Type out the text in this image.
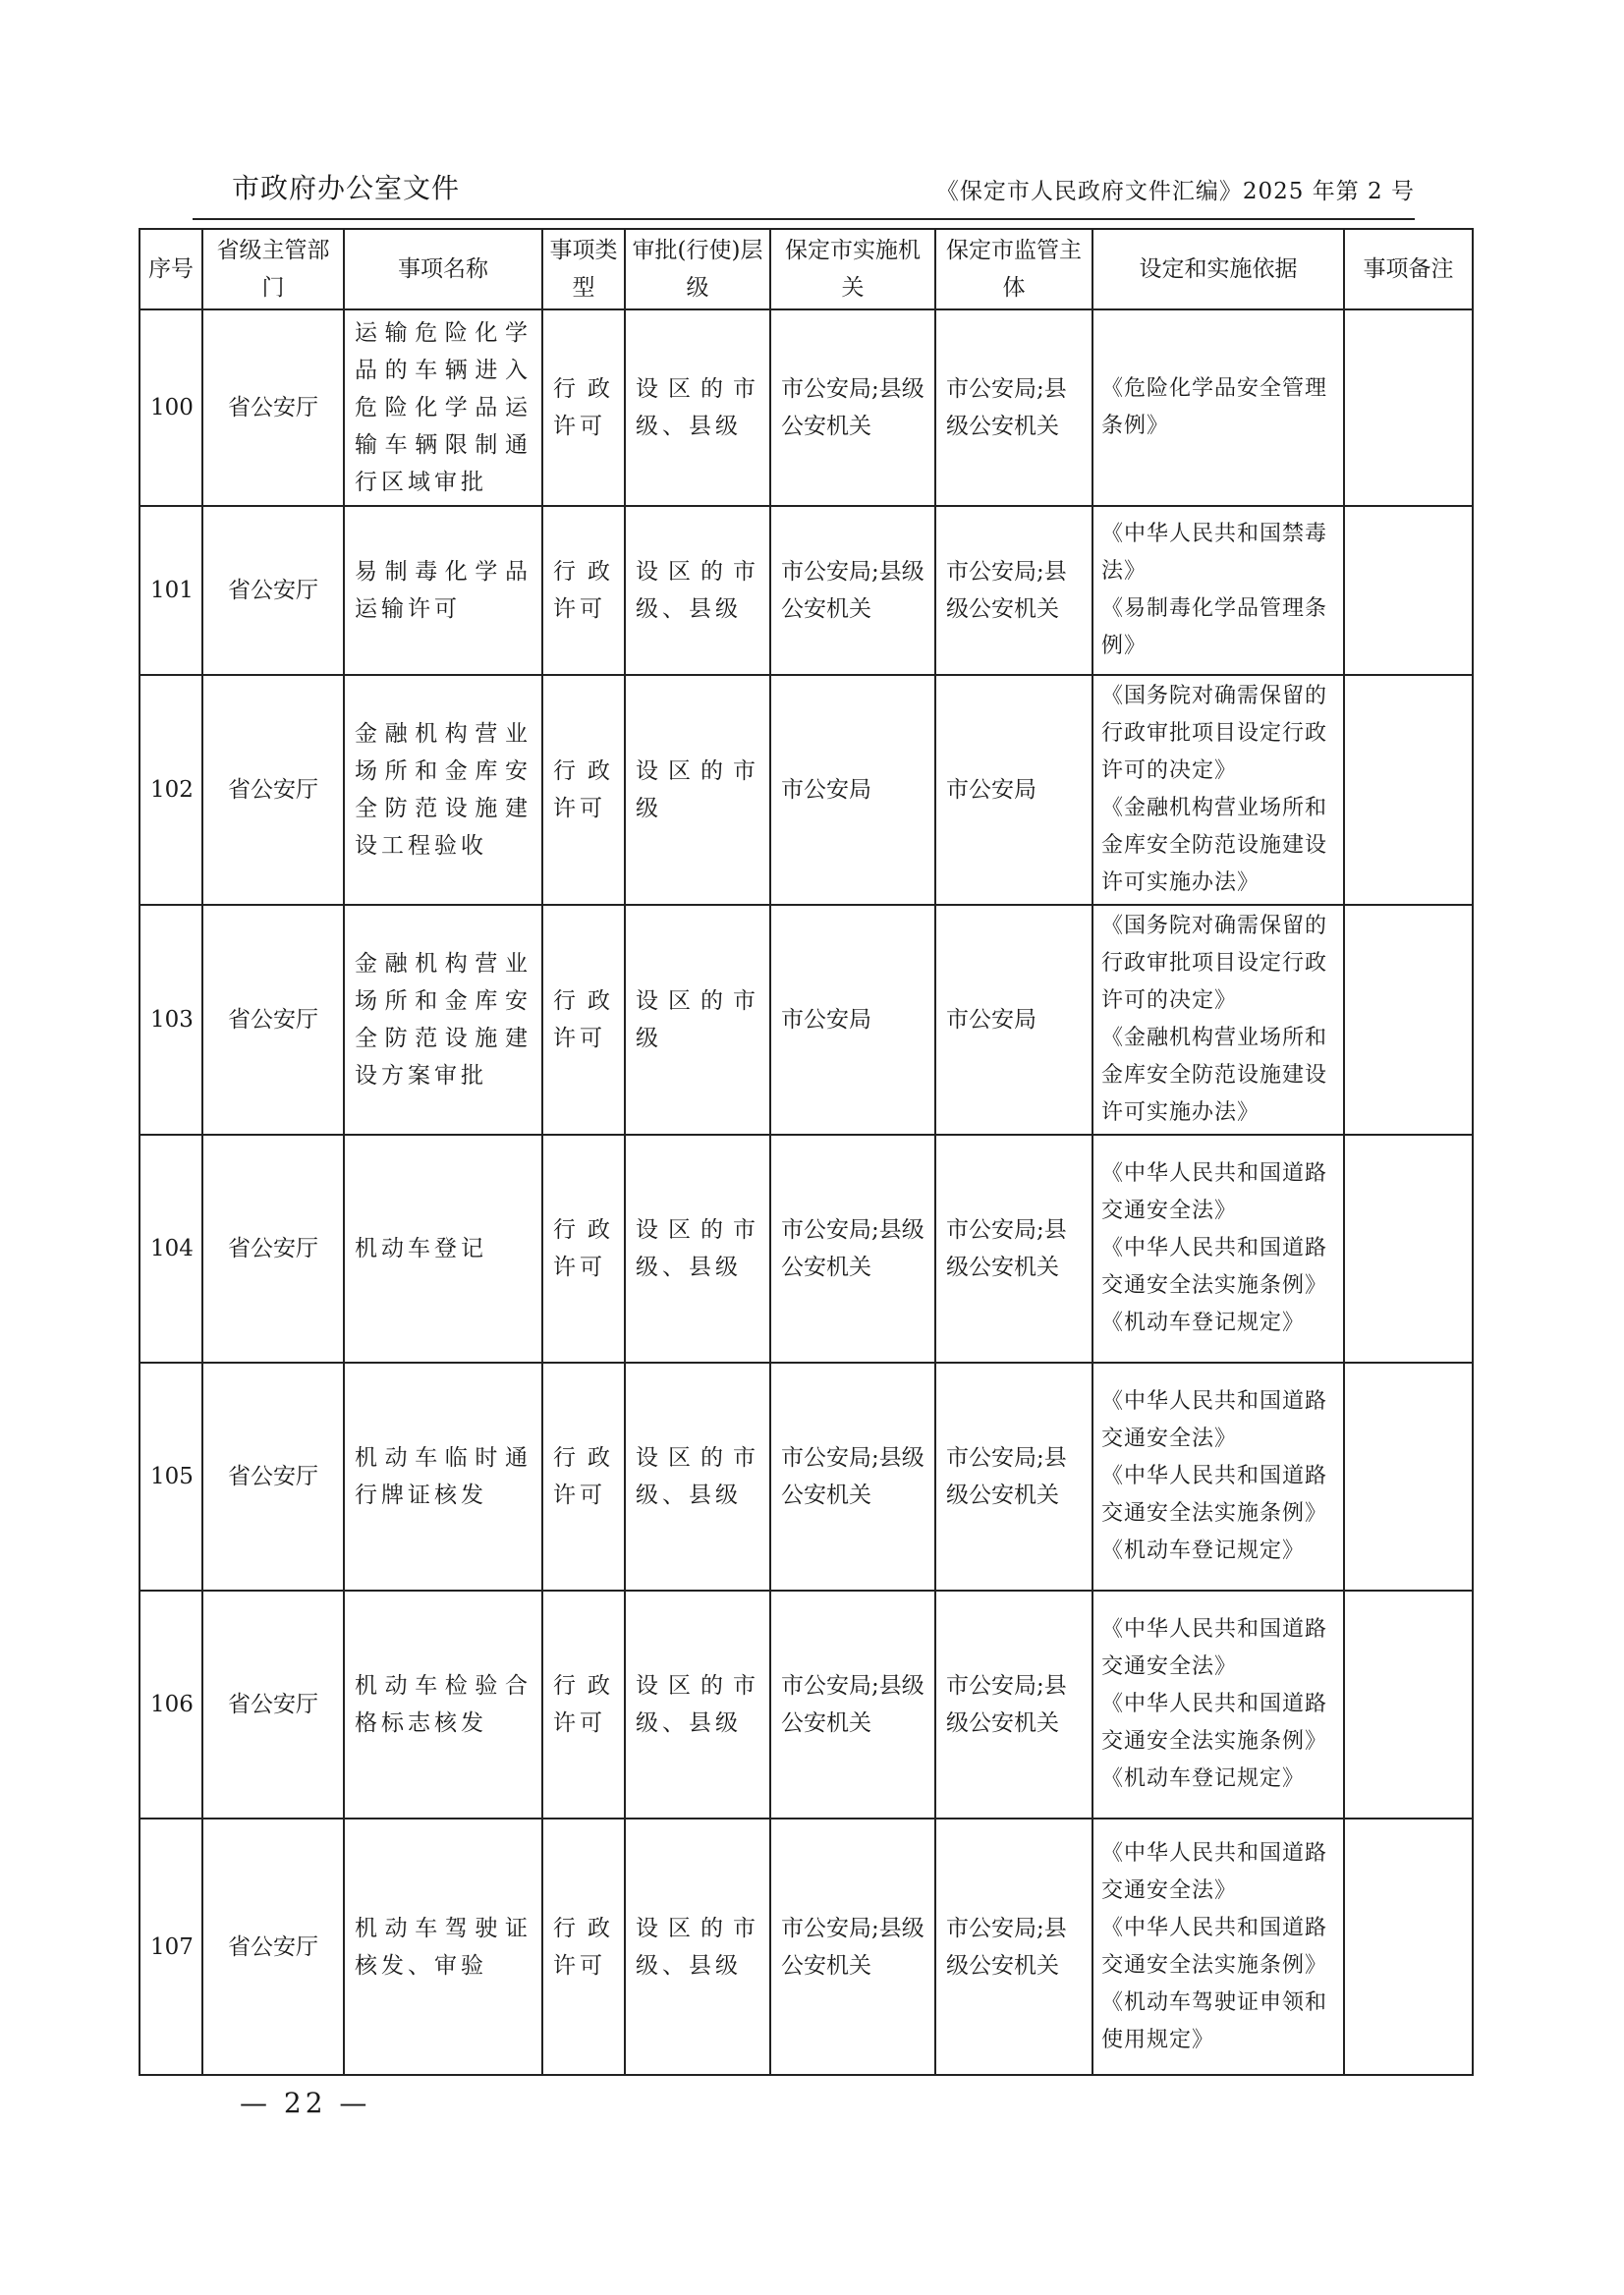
市政府办公室文件	《保定市人民政府文件汇编》2025 年第 2 号
序号	省级主管部门	事项名称	事项类型	审批(行使)层级	保定市实施机关	保定市监管主体	设定和实施依据	事项备注
100	省公安厅	运输危险化学品的车辆进入危险化学品运输车辆限制通行区域审批	行政许可	设区的市级、县级	市公安局;县级公安机关	市公安局;县级公安机关	《危险化学品安全管理条例》	

101	省公安厅	易制毒化学品运输许可	行政许可	设区的市级、县级	市公安局;县级公安机关	市公安局;县级公安机关	《中华人民共和国禁毒法》
《易制毒化学品管理条例》	

102	省公安厅	金融机构营业场所和金库安全防范设施建设工程验收	行政许可	设区的市级	市公安局	市公安局	《国务院对确需保留的行政审批项目设定行政许可的决定》
《金融机构营业场所和金库安全防范设施建设许可实施办法》	

103	省公安厅	金融机构营业场所和金库安全防范设施建设方案审批	行政许可	设区的市级	市公安局	市公安局	《国务院对确需保留的行政审批项目设定行政许可的决定》
《金融机构营业场所和金库安全防范设施建设许可实施办法》	

104	省公安厅	机动车登记	行政许可	设区的市级、县级	市公安局;县级公安机关	市公安局;县级公安机关	《中华人民共和国道路交通安全法》
《中华人民共和国道路交通安全法实施条例》
《机动车登记规定》	

105	省公安厅	机动车临时通行牌证核发	行政许可	设区的市级、县级	市公安局;县级公安机关	市公安局;县级公安机关	《中华人民共和国道路交通安全法》
《中华人民共和国道路交通安全法实施条例》
《机动车登记规定》	

106	省公安厅	机动车检验合格标志核发	行政许可	设区的市级、县级	市公安局;县级公安机关	市公安局;县级公安机关	《中华人民共和国道路交通安全法》
《中华人民共和国道路交通安全法实施条例》
《机动车登记规定》	

107	省公安厅	机动车驾驶证核发、审验	行政许可	设区的市级、县级	市公安局;县级公安机关	市公安局;县级公安机关	《中华人民共和国道路交通安全法》
《中华人民共和国道路交通安全法实施条例》
《机动车驾驶证申领和使用规定》	

— 22 —
